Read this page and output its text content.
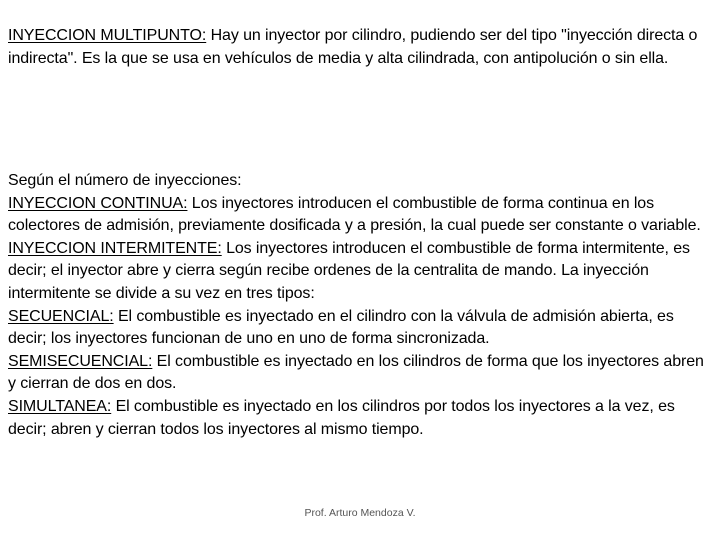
INYECCION MULTIPUNTO: Hay un inyector por cilindro, pudiendo ser del tipo "inyección directa o indirecta". Es la que se usa en vehículos de media y alta cilindrada, con antipolución o sin ella.
Según el número de inyecciones:
INYECCION CONTINUA: Los inyectores introducen el combustible de forma continua en los colectores de admisión, previamente dosificada y a presión, la cual puede ser constante o variable.
INYECCION INTERMITENTE: Los inyectores introducen el combustible de forma intermitente, es decir; el inyector abre y cierra según recibe ordenes de la centralita de mando. La inyección intermitente se divide a su vez en tres tipos:
SECUENCIAL: El combustible es inyectado en el cilindro con la válvula de admisión abierta, es decir; los inyectores funcionan de uno en uno de forma sincronizada.
SEMISECUENCIAL: El combustible es inyectado en los cilindros de forma que los inyectores abren y cierran de dos en dos.
SIMULTANEA: El combustible es inyectado en los cilindros por todos los inyectores a la vez, es decir; abren y cierran todos los inyectores al mismo tiempo.
Prof. Arturo Mendoza V.
